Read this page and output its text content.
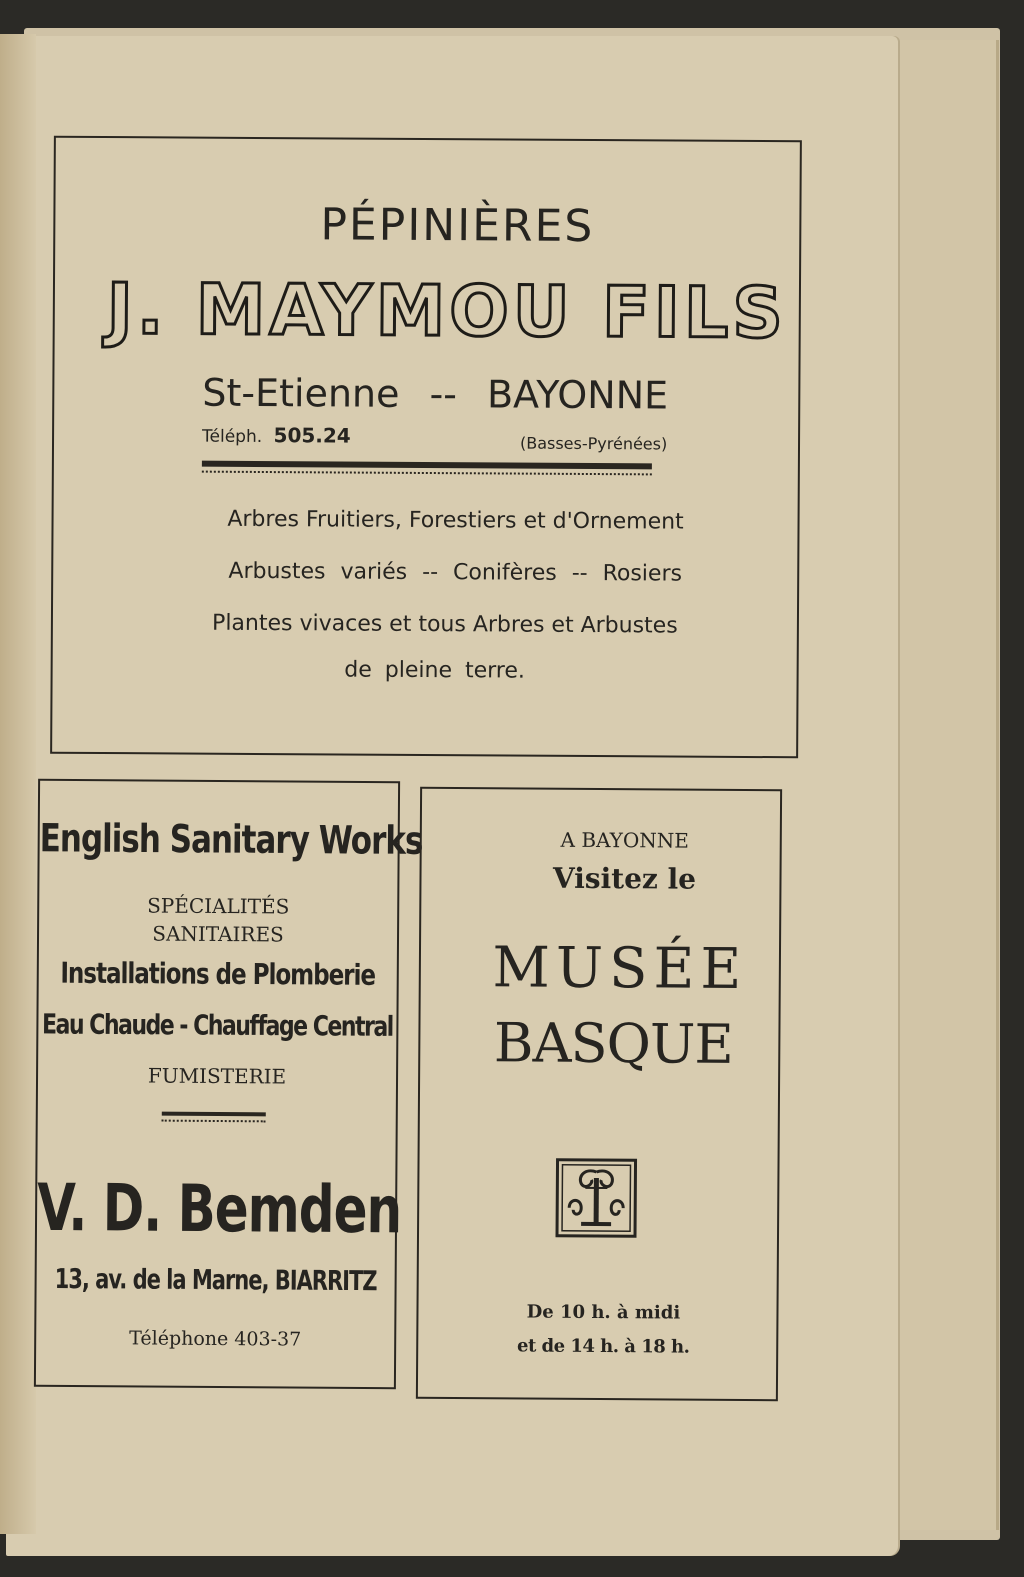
PÉPINIÈRES
J. MAYMOU FILS
St-Etienne -- BAYONNE
Téléph. 505.24	(Basses-Pyrénées)
Arbres Fruitiers, Forestiers et d'Ornement
Arbustes variés -- Conifères -- Rosiers
Plantes vivaces et tous Arbres et Arbustes
de pleine terre.
English Sanitary Works
SPÉCIALITÉS
SANITAIRES
Installations de Plomberie
Eau Chaude - Chauffage Central
FUMISTERIE
V. D. Bemden
13, av. de la Marne, BIARRITZ
Téléphone 403-37
A BAYONNE
Visitez le
MUSÉE
BASQUE
De 10 h. à midi
et de 14 h. à 18 h.
